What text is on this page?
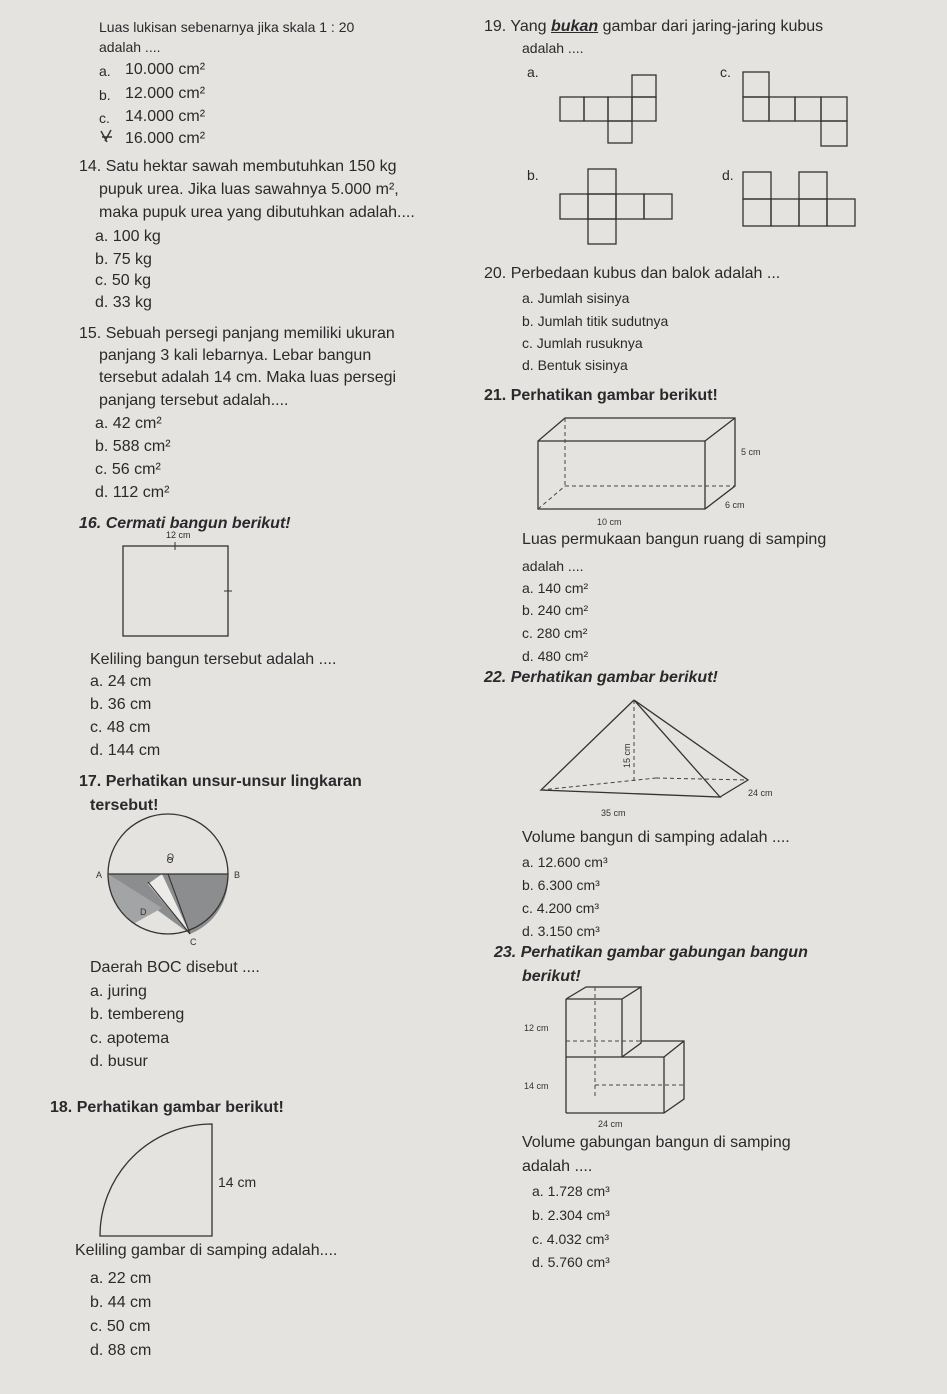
Luas lukisan sebenarnya jika skala 1 : 20
adalah ....
a. 10.000 cm²
b. 12.000 cm²
c. 14.000 cm²
16.000 cm²
14. Satu hektar sawah membutuhkan 150 kg
pupuk urea. Jika luas sawahnya 5.000 m²,
maka pupuk urea yang dibutuhkan adalah....
a. 100 kg
b. 75 kg
c. 50 kg
d. 33 kg
15. Sebuah persegi panjang memiliki ukuran
panjang 3 kali lebarnya. Lebar bangun
tersebut adalah 14 cm. Maka luas persegi
panjang tersebut adalah....
a. 42 cm²
b. 588 cm²
c. 56 cm²
d. 112 cm²
16. Cermati bangun berikut!
12 cm
Keliling bangun tersebut adalah ....
a. 24 cm
b. 36 cm
c. 48 cm
d. 144 cm
17. Perhatikan unsur-unsur lingkaran
tersebut!
O
A	B
D
C
Daerah BOC disebut ....
a. juring
b. tembereng
c. apotema
d. busur
18. Perhatikan gambar berikut!
14 cm
Keliling gambar di samping adalah....
a. 22 cm
b. 44 cm
c. 50 cm
d. 88 cm
19. Yang bukan gambar dari jaring-jaring kubus
adalah ....
a.	c.
b.	d.
20. Perbedaan kubus dan balok adalah ...
a. Jumlah sisinya
b. Jumlah titik sudutnya
c. Jumlah rusuknya
d. Bentuk sisinya
21. Perhatikan gambar berikut!
5 cm
6 cm
10 cm
Luas permukaan bangun ruang di samping
adalah ....
a. 140 cm²
b. 240 cm²
c. 280 cm²
d. 480 cm²
22. Perhatikan gambar berikut!
15 cm
24 cm
35 cm
Volume bangun di samping adalah ....
a. 12.600 cm³
b. 6.300 cm³
c. 4.200 cm³
d. 3.150 cm³
23. Perhatikan gambar gabungan bangun
berikut!
12 cm
14 cm
24 cm
Volume gabungan bangun di samping
adalah ....
a. 1.728 cm³
b. 2.304 cm³
c. 4.032 cm³
d. 5.760 cm³
